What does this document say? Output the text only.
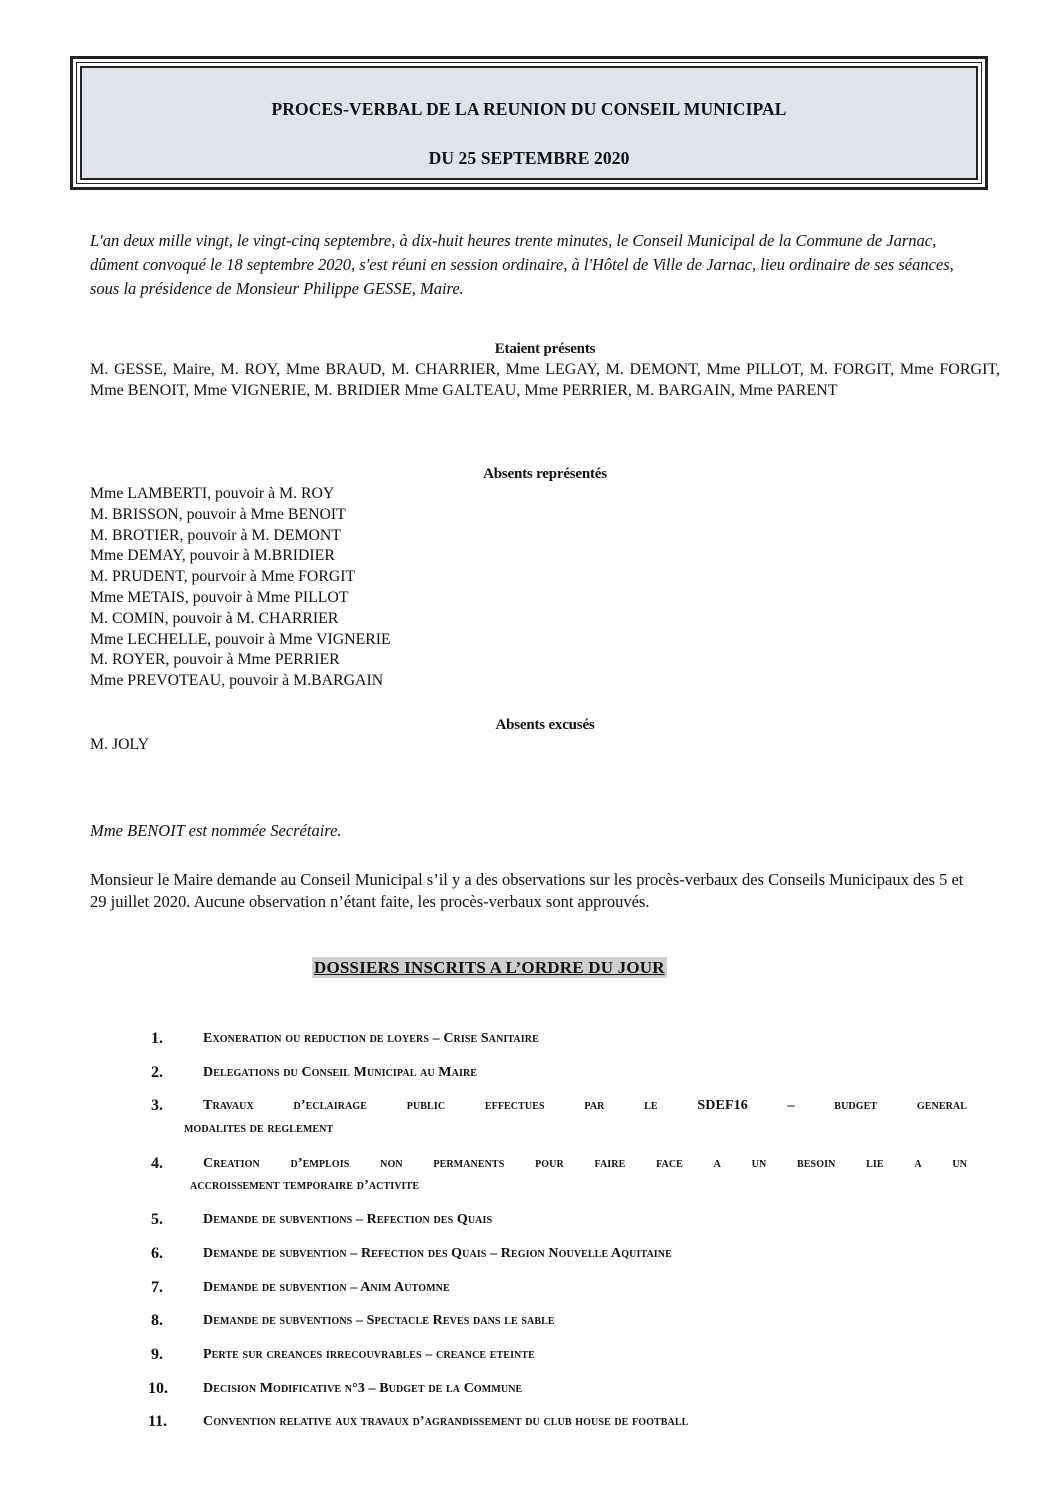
PROCES-VERBAL DE LA REUNION DU CONSEIL MUNICIPAL
DU 25 SEPTEMBRE 2020
L'an deux mille vingt, le vingt-cinq septembre, à dix-huit heures trente minutes, le Conseil Municipal de la Commune de Jarnac, dûment convoqué le 18 septembre 2020, s'est réuni en session ordinaire, à l'Hôtel de Ville de Jarnac, lieu ordinaire de ses séances, sous la présidence de Monsieur Philippe GESSE, Maire.
Etaient présents
M. GESSE, Maire, M. ROY, Mme BRAUD, M. CHARRIER, Mme LEGAY, M. DEMONT, Mme PILLOT, M. FORGIT, Mme FORGIT, Mme BENOIT, Mme VIGNERIE, M. BRIDIER Mme GALTEAU, Mme PERRIER, M. BARGAIN, Mme PARENT
Absents représentés
Mme LAMBERTI, pouvoir à M. ROY
M. BRISSON, pouvoir à Mme BENOIT
M. BROTIER, pouvoir à M. DEMONT
Mme DEMAY, pouvoir à M.BRIDIER
M. PRUDENT, pourvoir à Mme FORGIT
Mme METAIS, pouvoir à Mme PILLOT
M. COMIN, pouvoir à M. CHARRIER
Mme LECHELLE, pouvoir à Mme VIGNERIE
M. ROYER, pouvoir à Mme PERRIER
Mme PREVOTEAU, pouvoir à M.BARGAIN
Absents excusés
M. JOLY
Mme BENOIT est nommée Secrétaire.
Monsieur le Maire demande au Conseil Municipal s’il y a des observations sur les procès-verbaux des Conseils Municipaux des 5 et 29 juillet 2020. Aucune observation n’étant faite, les procès-verbaux sont approuvés.
DOSSIERS INSCRITS A L’ORDRE DU JOUR
1.	Exoneration ou reduction de loyers – Crise Sanitaire
2.	Delegations du Conseil Municipal au Maire
3.	Travaux d’eclairage public effectues par le SDEF16 – budget general
modalites de reglement
4.	Creation d’emplois non permanents pour faire face a un besoin lie a un
accroissement temporaire d’activite
5.	Demande de subventions – Refection des Quais
6.	Demande de subvention – Refection des Quais – Region Nouvelle Aquitaine
7.	Demande de subvention – Anim Automne
8.	Demande de subventions – Spectacle Reves dans le sable
9.	Perte sur creances irrecouvrables – creance eteinte
10.	Decision Modificative n°3 – Budget de la Commune
11.	Convention relative aux travaux d’agrandissement du club house de football
